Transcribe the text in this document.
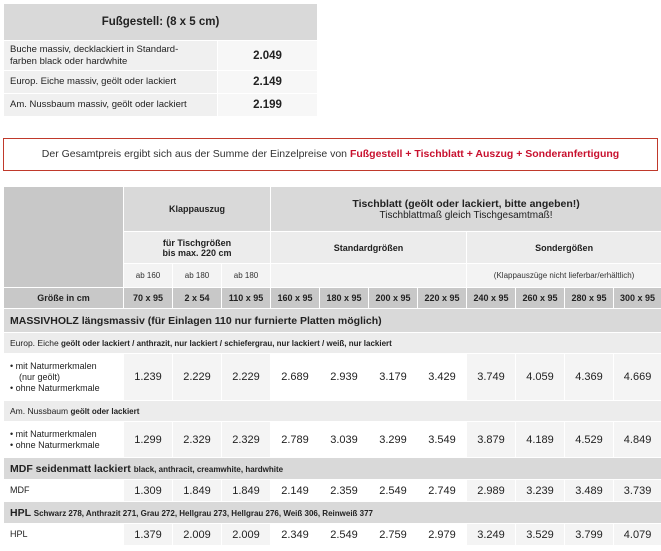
Fußgestell: (8 x 5 cm)	
Buche massiv, decklackiert in Standard-
farben black oder hardwhite	2.049
Europ. Eiche massiv, geölt oder lackiert	2.149
Am. Nussbaum massiv, geölt oder lackiert	2.199
Der Gesamtpreis ergibt sich aus der Summe der Einzelpreise von Fußgestell + Tischblatt + Auszug + Sonderanfertigung
	Klappauszug			Tischblatt (geölt oder lackiert, bitte angeben!)
Tischblattmaß gleich Tischgesamtmaß!							

	für Tischgrößen
bis max. 220 cm			Standardgrößen				Sondergößen			
	ab 160	ab 180	ab 180					(Klappauszüge nicht lieferbar/erhältlich)			
Größe in cm	70 x 95	2 x 54	110 x 95	160 x 95	180 x 95	200 x 95	220 x 95	240 x 95	260 x 95	280 x 95	300 x 95
MASSIVHOLZ längsmassiv (für Einlagen 110 nur furnierte Platten möglich)											
Europ. Eiche geölt oder lackiert / anthrazit, nur lackiert / schiefergrau, nur lackiert / weiß, nur lackiert											
• mit Naturmerkmalen
(nur geölt)
• ohne Naturmerkmale	1.239	2.229	2.229	2.689	2.939	3.179	3.429	3.749	4.059	4.369	4.669
Am. Nussbaum geölt oder lackiert											
• mit Naturmerkmalen
• ohne Naturmerkmale	1.299	2.329	2.329	2.789	3.039	3.299	3.549	3.879	4.189	4.529	4.849
MDF seidenmatt lackiert black, anthracit, creamwhite, hardwhite											
MDF	1.309	1.849	1.849	2.149	2.359	2.549	2.749	2.989	3.239	3.489	3.739
HPL Schwarz 278, Anthrazit 271, Grau 272, Hellgrau 273, Hellgrau 276, Weiß 306, Reinweiß 377											
HPL	1.379	2.009	2.009	2.349	2.549	2.759	2.979	3.249	3.529	3.799	4.079
